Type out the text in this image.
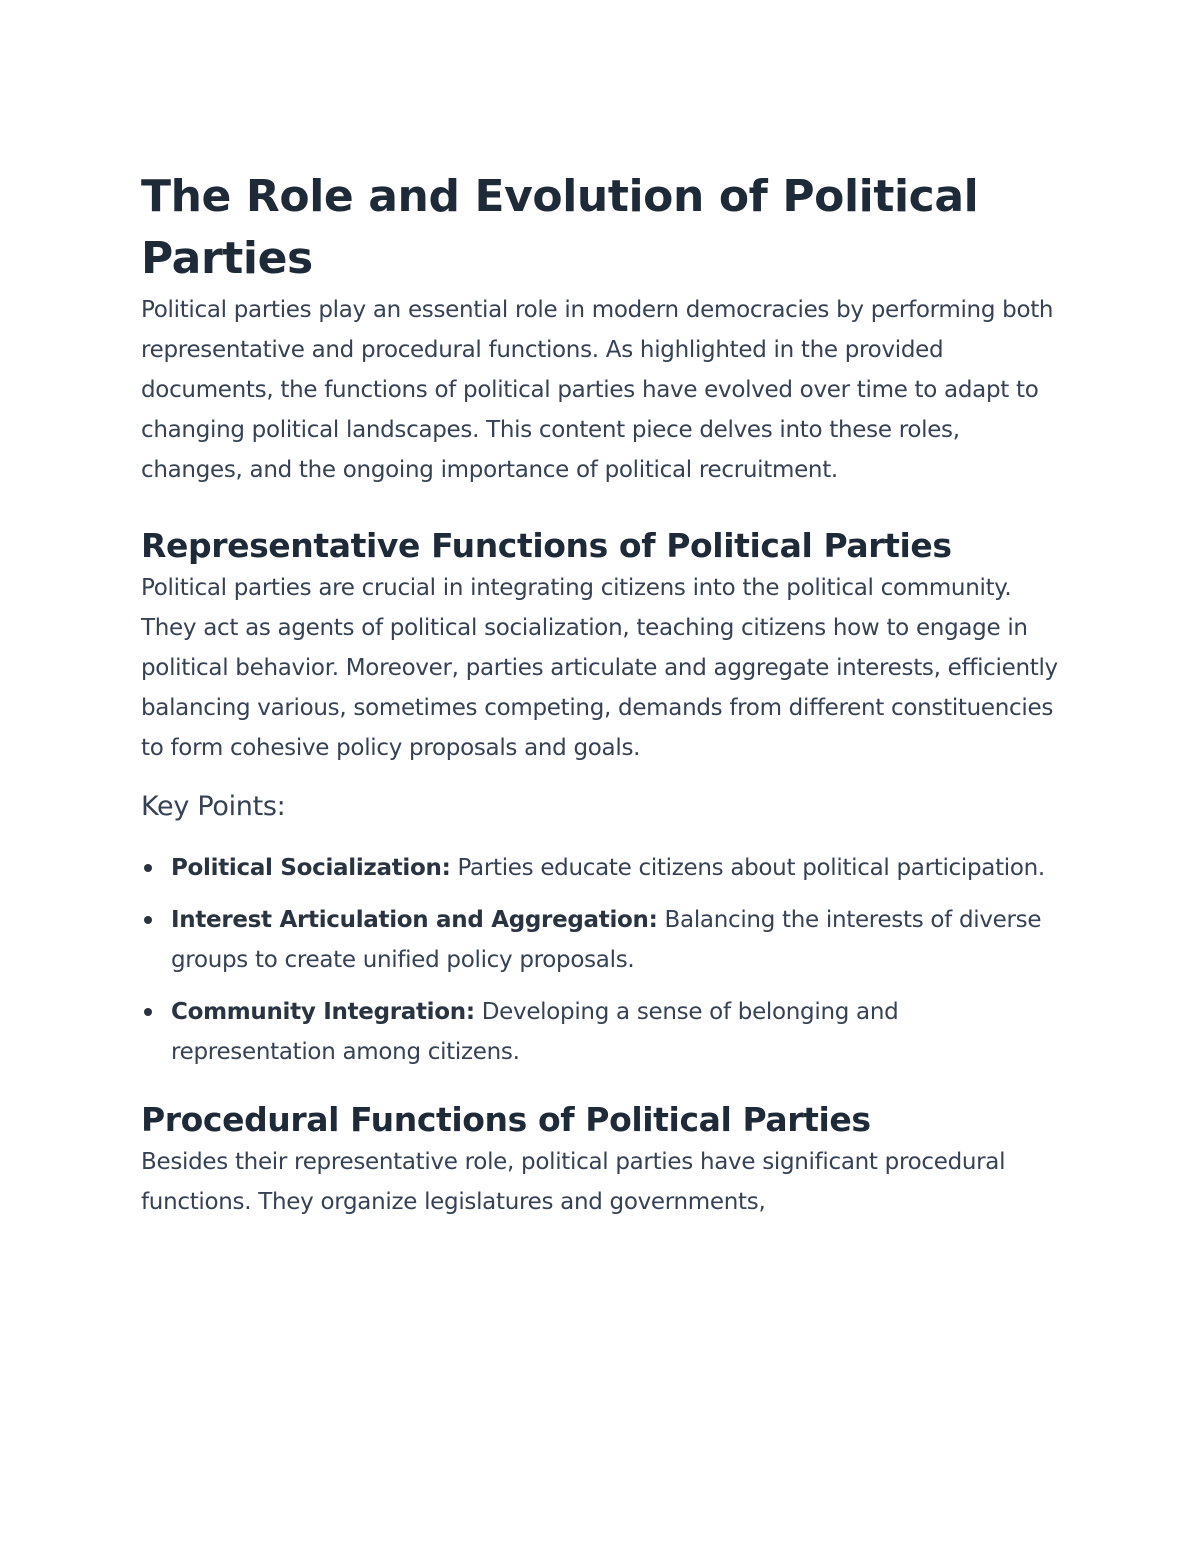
The Role and Evolution of Political Parties

Political parties play an essential role in modern democracies by performing both representative and procedural functions. As highlighted in the provided documents, the functions of political parties have evolved over time to adapt to changing political landscapes. This content piece delves into these roles, changes, and the ongoing importance of political recruitment.

Representative Functions of Political Parties

Political parties are crucial in integrating citizens into the political community. They act as agents of political socialization, teaching citizens how to engage in political behavior. Moreover, parties articulate and aggregate interests, efficiently balancing various, sometimes competing, demands from different constituencies to form cohesive policy proposals and goals.

Key Points:
Political Socialization: Parties educate citizens about political participation.
Interest Articulation and Aggregation: Balancing the interests of diverse groups to create unified policy proposals.
Community Integration: Developing a sense of belonging and representation among citizens.
Procedural Functions of Political Parties

Besides their representative role, political parties have significant procedural functions. They organize legislatures and governments,
